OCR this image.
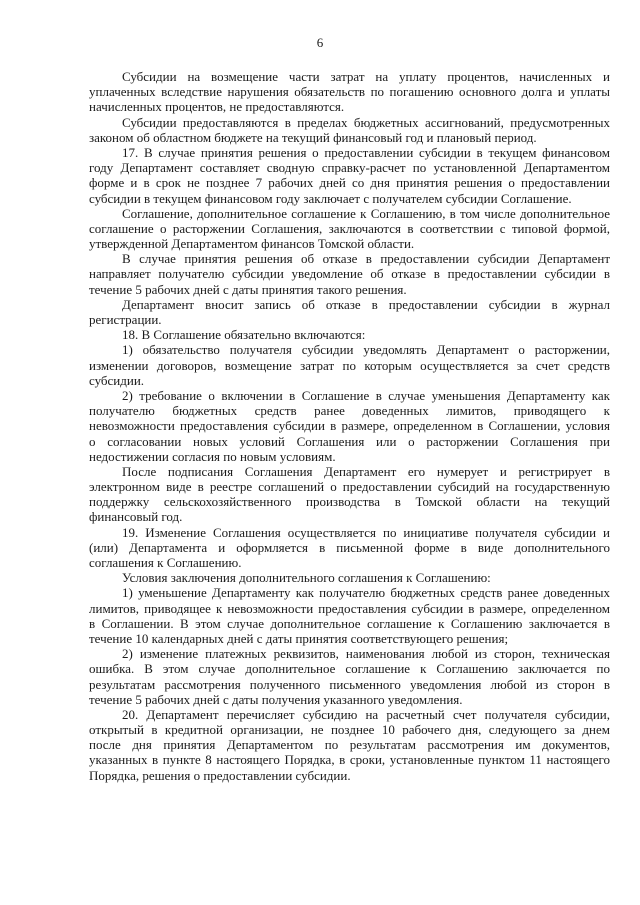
6
Субсидии на возмещение части затрат на уплату процентов, начисленных и
уплаченных вследствие нарушения обязательств по погашению основного долга и уплаты
начисленных процентов, не предоставляются.
Субсидии предоставляются в пределах бюджетных ассигнований, предусмотренных
законом об областном бюджете на текущий финансовый год и плановый период.
17. В случае принятия решения о предоставлении субсидии в текущем финансовом
году Департамент составляет сводную справку-расчет по установленной Департаментом
форме и в срок не позднее 7 рабочих дней со дня принятия решения о предоставлении
субсидии в текущем финансовом году заключает с получателем субсидии Соглашение.
Соглашение, дополнительное соглашение к Соглашению, в том числе дополнительное
соглашение о расторжении Соглашения, заключаются в соответствии с типовой формой,
утвержденной Департаментом финансов Томской области.
В случае принятия решения об отказе в предоставлении субсидии Департамент
направляет получателю субсидии уведомление об отказе в предоставлении субсидии в
течение 5 рабочих дней с даты принятия такого решения.
Департамент вносит запись об отказе в предоставлении субсидии в журнал
регистрации.
18. В Соглашение обязательно включаются:
1) обязательство получателя субсидии уведомлять Департамент о расторжении,
изменении договоров, возмещение затрат по которым осуществляется за счет средств
субсидии.
2) требование о включении в Соглашение в случае уменьшения Департаменту как
получателю бюджетных средств ранее доведенных лимитов, приводящего к
невозможности предоставления субсидии в размере, определенном в Соглашении, условия
о согласовании новых условий Соглашения или о расторжении Соглашения при
недостижении согласия по новым условиям.
После подписания Соглашения Департамент его нумерует и регистрирует в
электронном виде в реестре соглашений о предоставлении субсидий на государственную
поддержку сельскохозяйственного производства в Томской области на текущий
финансовый год.
19. Изменение Соглашения осуществляется по инициативе получателя субсидии и
(или) Департамента и оформляется в письменной форме в виде дополнительного
соглашения к Соглашению.
Условия заключения дополнительного соглашения к Соглашению:
1) уменьшение Департаменту как получателю бюджетных средств ранее доведенных
лимитов, приводящее к невозможности предоставления субсидии в размере, определенном
в Соглашении. В этом случае дополнительное соглашение к Соглашению заключается в
течение 10 календарных дней с даты принятия соответствующего решения;
2) изменение платежных реквизитов, наименования любой из сторон, техническая
ошибка. В этом случае дополнительное соглашение к Соглашению заключается по
результатам рассмотрения полученного письменного уведомления любой из сторон в
течение 5 рабочих дней с даты получения указанного уведомления.
20. Департамент перечисляет субсидию на расчетный счет получателя субсидии,
открытый в кредитной организации, не позднее 10 рабочего дня, следующего за днем
после дня принятия Департаментом по результатам рассмотрения им документов,
указанных в пункте 8 настоящего Порядка, в сроки, установленные пунктом 11 настоящего
Порядка, решения о предоставлении субсидии.
